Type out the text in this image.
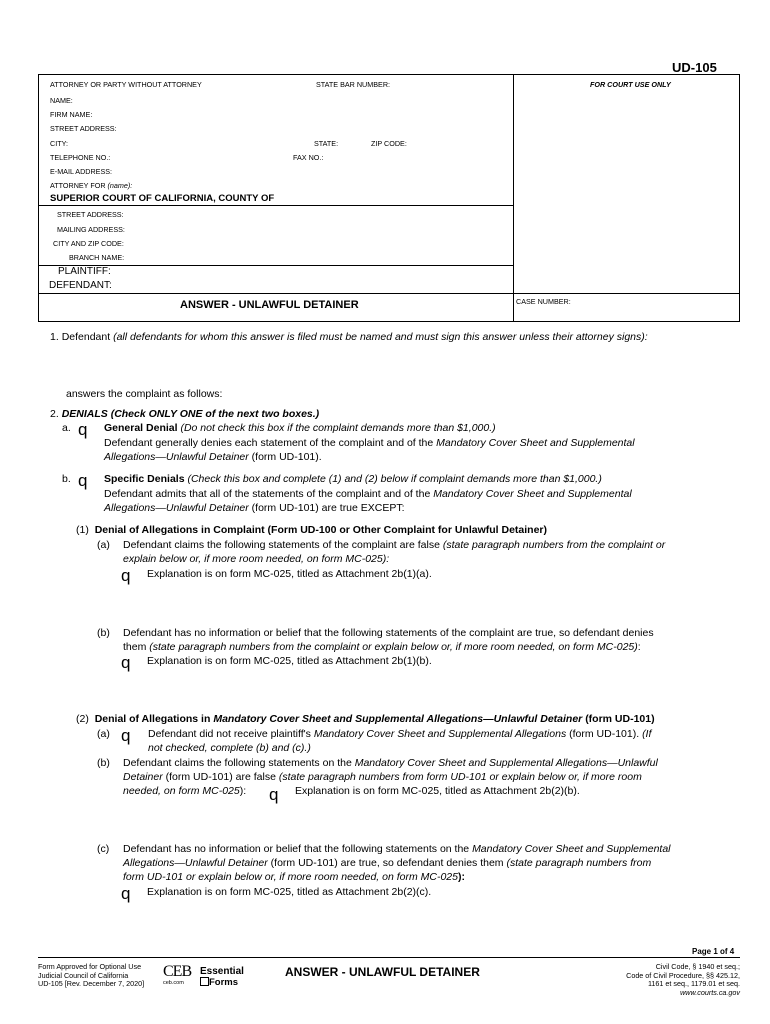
UD-105
ATTORNEY OR PARTY WITHOUT ATTORNEY	STATE BAR NUMBER:	FOR COURT USE ONLY
NAME:
FIRM NAME:
STREET ADDRESS:
CITY:	STATE:	ZIP CODE:
TELEPHONE NO.:	FAX NO.:
E-MAIL ADDRESS:
ATTORNEY FOR (name):
SUPERIOR COURT OF CALIFORNIA, COUNTY OF
STREET ADDRESS:
MAILING ADDRESS:
CITY AND ZIP CODE:
BRANCH NAME:
PLAINTIFF:
DEFENDANT:
ANSWER - UNLAWFUL DETAINER	CASE NUMBER:
1. Defendant (all defendants for whom this answer is filed must be named and must sign this answer unless their attorney signs):
answers the complaint as follows:
2. DENIALS (Check ONLY ONE of the next two boxes.)
a. q General Denial (Do not check this box if the complaint demands more than $1,000.)
Defendant generally denies each statement of the complaint and of the Mandatory Cover Sheet and Supplemental
Allegations—Unlawful Detainer (form UD-101).
b. q Specific Denials (Check this box and complete (1) and (2) below if complaint demands more than $1,000.)
Defendant admits that all of the statements of the complaint and of the Mandatory Cover Sheet and Supplemental
Allegations—Unlawful Detainer (form UD-101) are true EXCEPT:
(1) Denial of Allegations in Complaint (Form UD-100 or Other Complaint for Unlawful Detainer)
(a) Defendant claims the following statements of the complaint are false (state paragraph numbers from the complaint or
explain below or, if more room needed, on form MC-025):
q Explanation is on form MC-025, titled as Attachment 2b(1)(a).
(b) Defendant has no information or belief that the following statements of the complaint are true, so defendant denies
them (state paragraph numbers from the complaint or explain below or, if more room needed, on form MC-025):
q Explanation is on form MC-025, titled as Attachment 2b(1)(b).
(2) Denial of Allegations in Mandatory Cover Sheet and Supplemental Allegations—Unlawful Detainer (form UD-101)
(a) q Defendant did not receive plaintiff's Mandatory Cover Sheet and Supplemental Allegations (form UD-101). (If
not checked, complete (b) and (c).)
(b) Defendant claims the following statements on the Mandatory Cover Sheet and Supplemental Allegations—Unlawful
Detainer (form UD-101) are false (state paragraph numbers from form UD-101 or explain below or, if more room
needed, on form MC-025): q Explanation is on form MC-025, titled as Attachment 2b(2)(b).
(c) Defendant has no information or belief that the following statements on the Mandatory Cover Sheet and Supplemental
Allegations—Unlawful Detainer (form UD-101) are true, so defendant denies them (state paragraph numbers from
form UD-101 or explain below or, if more room needed, on form MC-025):
q Explanation is on form MC-025, titled as Attachment 2b(2)(c).
Page 1 of 4
Form Approved for Optional Use
Judicial Council of California
UD-105 [Rev. December 7, 2020]
CEB
ceb.com
Essential
Forms
ANSWER - UNLAWFUL DETAINER	Civil Code, § 1940 et seq.;
Code of Civil Procedure, §§ 425.12,
1161 et seq., 1179.01 et seq.
www.courts.ca.gov
